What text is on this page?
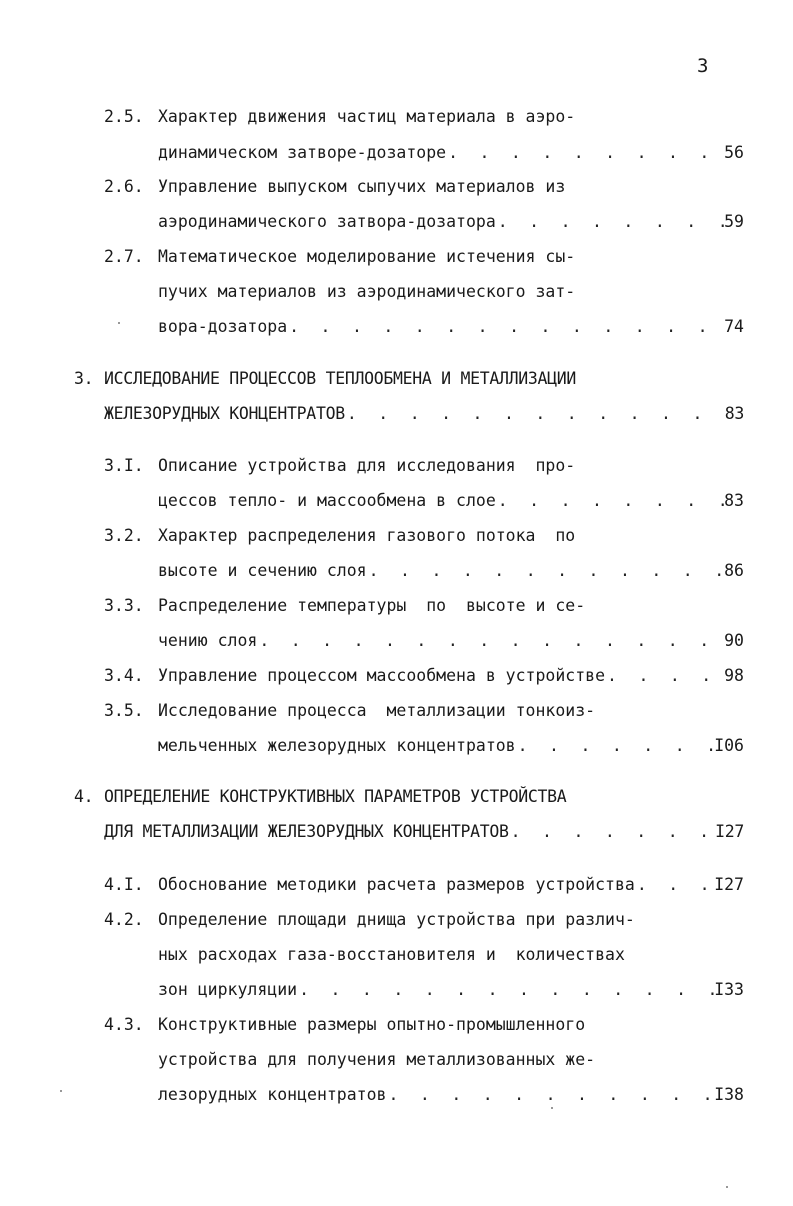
3
2.5. Характер движения частиц материала в аэро-
динамическом затворе-дозаторе . . .	56
2.6. Управление выпуском сыпучих материалов из
аэродинамического затвора-дозатора . . .	59
2.7. Математическое моделирование истечения сы-
пучих материалов из аэродинамического зат-
вора-дозатора . . .	74
3. ИССЛЕДОВАНИЕ ПРОЦЕССОВ ТЕПЛООБМЕНА И МЕТАЛЛИЗАЦИИ
ЖЕЛЕЗОРУДНЫХ КОНЦЕНТРАТОВ . . .	83
3.I. Описание устройства для исследования  про-
цессов тепло- и массообмена в слое . . .	83
3.2. Характер распределения газового потока  по
высоте и сечению слоя . . .	86
3.3. Распределение температуры  по  высоте и се-
чению слоя . . .	90
3.4. Управление процессом массообмена в устройстве . . .	98
3.5. Исследование процесса  металлизации тонкоиз-
мельченных железорудных концентратов . . .	I06
4. ОПРЕДЕЛЕНИЕ КОНСТРУКТИВНЫХ ПАРАМЕТРОВ УСТРОЙСТВА
ДЛЯ МЕТАЛЛИЗАЦИИ ЖЕЛЕЗОРУДНЫХ КОНЦЕНТРАТОВ . . .	I27
4.I. Обоснование методики расчета размеров устройства . . .	I27
4.2. Определение площади днища устройства при различ-
ных расходах газа-восстановителя и  количествах
зон циркуляции . . .	I33
4.3. Конструктивные размеры опытно-промышленного
устройства для получения металлизованных же-
лезорудных концентратов . . .	I38
